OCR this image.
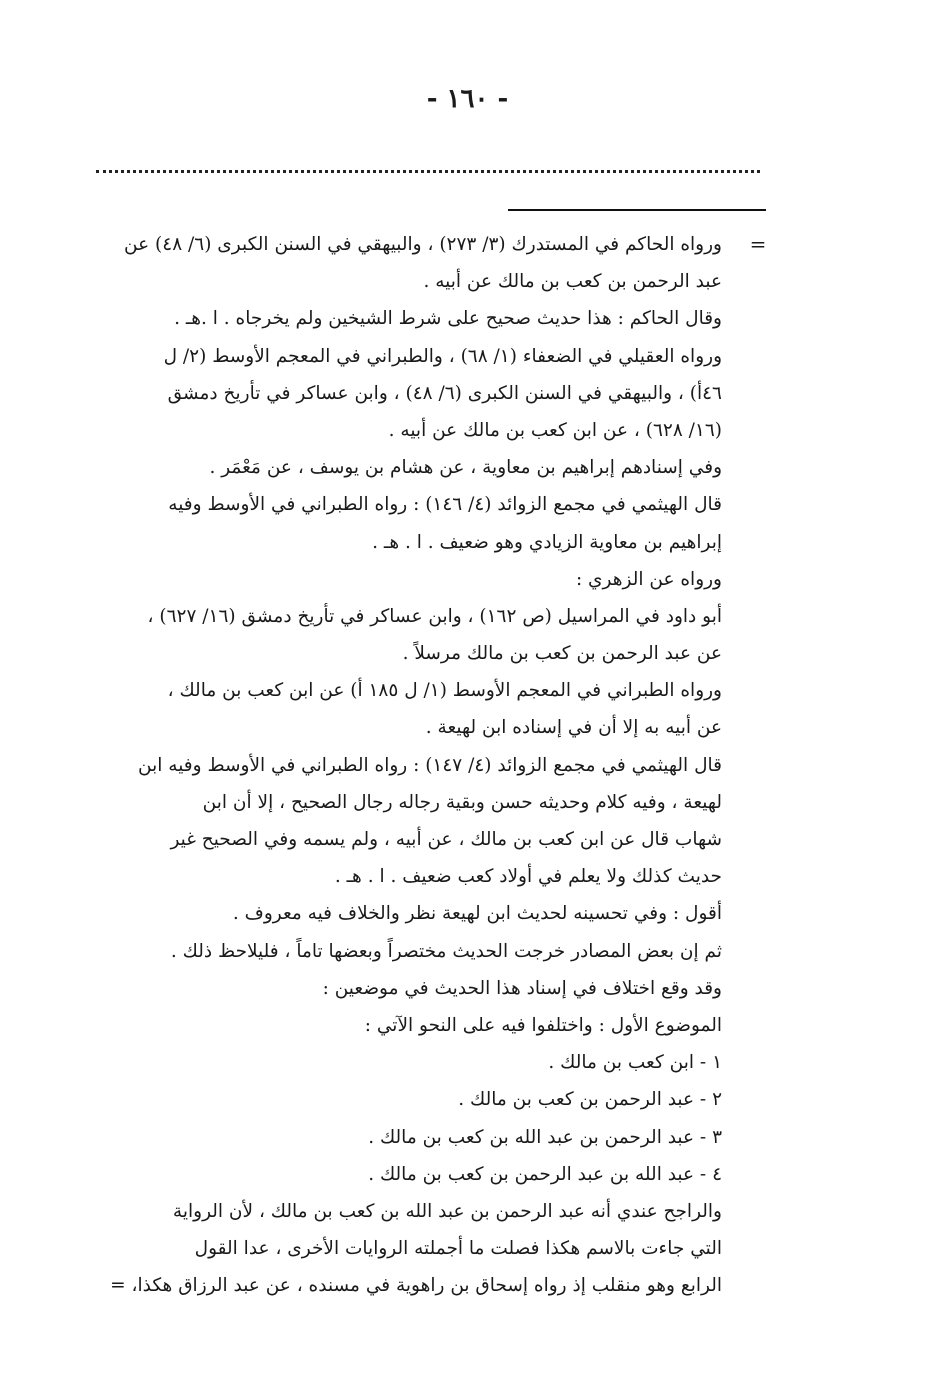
- ١٦٠ -
=
ورواه الحاكم في المستدرك (٣/ ٢٧٣) ، والبيهقي في السنن الكبرى (٦/ ٤٨) عن
عبد الرحمن بن كعب بن مالك عن أبيه .
وقال الحاكم : هذا حديث صحيح على شرط الشيخين ولم يخرجاه . ا .هـ .
ورواه العقيلي في الضعفاء (١/ ٦٨) ، والطبراني في المعجم الأوسط (٢/ ل
٤٦أ) ، والبيهقي في السنن الكبرى (٦/ ٤٨) ، وابن عساكر في تأريخ دمشق
(١٦/ ٦٢٨) ، عن ابن كعب بن مالك عن أبيه .
وفي إسنادهم إبراهيم بن معاوية ، عن هشام بن يوسف ، عن مَعْمَر .
قال الهيثمي في مجمع الزوائد (٤/ ١٤٦) : رواه الطبراني في الأوسط وفيه
إبراهيم بن معاوية الزيادي وهو ضعيف . ا . هـ .
ورواه عن الزهري :
أبو داود في المراسيل (ص ١٦٢) ، وابن عساكر في تأريخ دمشق (١٦/ ٦٢٧) ،
عن عبد الرحمن بن كعب بن مالك مرسلاً .
ورواه الطبراني في المعجم الأوسط (١/ ل ١٨٥ أ) عن ابن كعب بن مالك ،
عن أبيه به إلا أن في إسناده ابن لهيعة .
قال الهيثمي في مجمع الزوائد (٤/ ١٤٧) : رواه الطبراني في الأوسط وفيه ابن
لهيعة ، وفيه كلام وحديثه حسن وبقية رجاله رجال الصحيح ، إلا أن ابن
شهاب قال عن ابن كعب بن مالك ، عن أبيه ، ولم يسمه وفي الصحيح غير
حديث كذلك ولا يعلم في أولاد كعب ضعيف . ا . هـ .
أقول : وفي تحسينه لحديث ابن لهيعة نظر والخلاف فيه معروف .
ثم إن بعض المصادر خرجت الحديث مختصراً وبعضها تاماً ، فليلاحظ ذلك .
وقد وقع اختلاف في إسناد هذا الحديث في موضعين :
الموضوع الأول : واختلفوا فيه على النحو الآتي :
١ - ابن كعب بن مالك .
٢ - عبد الرحمن بن كعب بن مالك .
٣ - عبد الرحمن بن عبد الله بن كعب بن مالك .
٤ - عبد الله بن عبد الرحمن بن كعب بن مالك .
والراجح عندي أنه عبد الرحمن بن عبد الله بن كعب بن مالك ، لأن الرواية
التي جاءت بالاسم هكذا فصلت ما أجملته الروايات الأخرى ، عدا القول
الرابع وهو منقلب إذ رواه إسحاق بن راهوية في مسنده ، عن عبد الرزاق هكذا، =
